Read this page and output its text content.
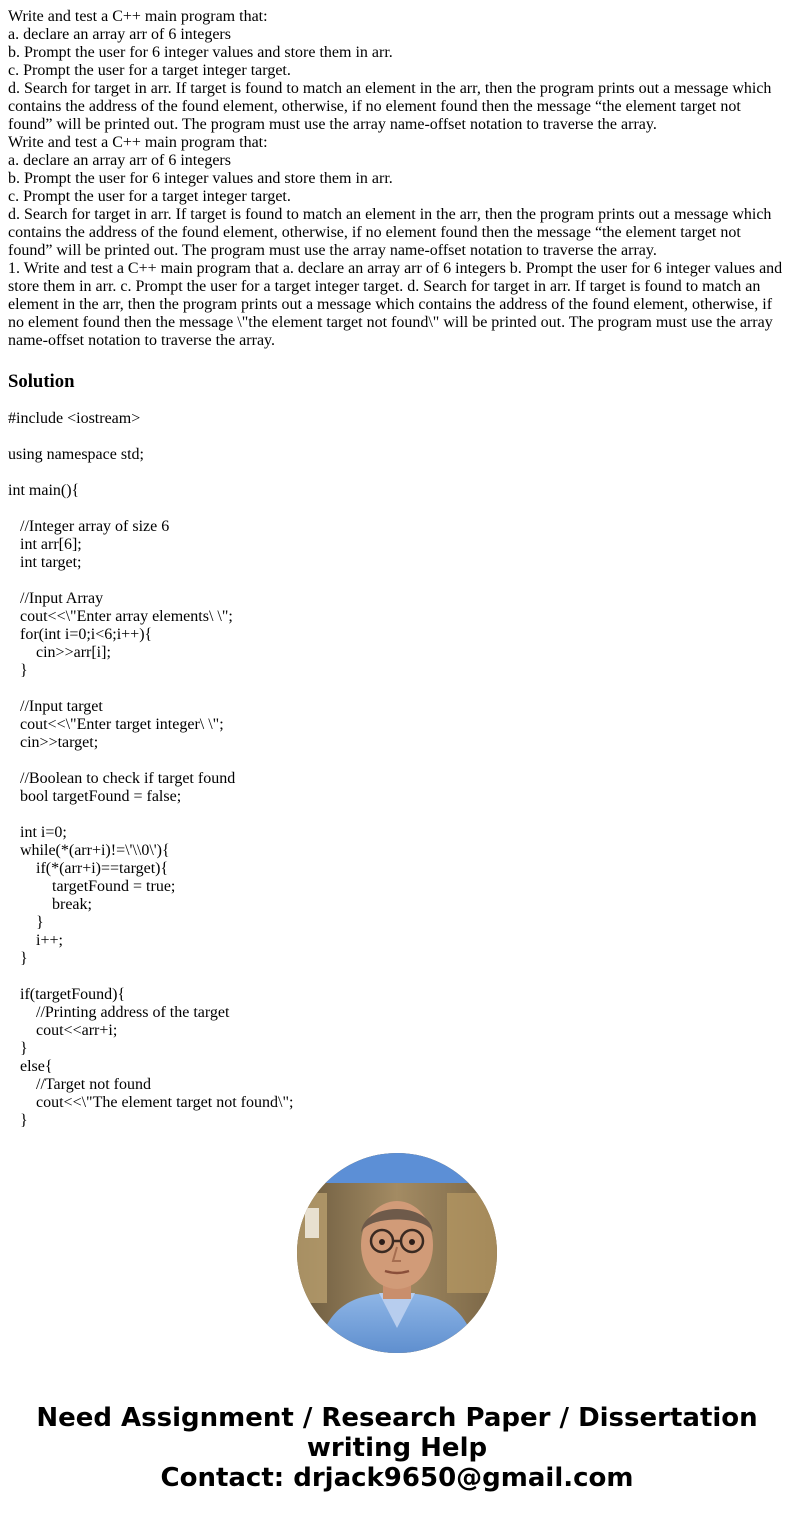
Write and test a C++ main program that:
a. declare an array arr of 6 integers
b. Prompt the user for 6 integer values and store them in arr.
c. Prompt the user for a target integer target.
d. Search for target in arr. If target is found to match an element in the arr, then the program prints out a message which contains the address of the found element, otherwise, if no element found then the message “the element target not found” will be printed out. The program must use the array name-offset notation to traverse the array.
Write and test a C++ main program that:
a. declare an array arr of 6 integers
b. Prompt the user for 6 integer values and store them in arr.
c. Prompt the user for a target integer target.
d. Search for target in arr. If target is found to match an element in the arr, then the program prints out a message which contains the address of the found element, otherwise, if no element found then the message “the element target not found” will be printed out. The program must use the array name-offset notation to traverse the array.
1. Write and test a C++ main program that a. declare an array arr of 6 integers b. Prompt the user for 6 integer values and store them in arr. c. Prompt the user for a target integer target. d. Search for target in arr. If target is found to match an element in the arr, then the program prints out a message which contains the address of the found element, otherwise, if no element found then the message \"the element target not found\" will be printed out. The program must use the array name-offset notation to traverse the array.
Solution
#include <iostream>
using namespace std;
int main(){
//Integer array of size 6
int arr[6];
int target;
//Input Array
cout<<\"Enter array elements\ \";
for(int i=0;i<6;i++){
cin>>arr[i];
}
//Input target
cout<<\"Enter target integer\ \";
cin>>target;
//Boolean to check if target found
bool targetFound = false;
int i=0;
while(*(arr+i)!=\'\\0\'){
if(*(arr+i)==target){
targetFound = true;
break;
}
i++;
}
if(targetFound){
//Printing address of the target
cout<<arr+i;
}
else{
//Target not found
cout<<\"The element target not found\";
}
Need Assignment / Research Paper / Dissertation
writing Help
Contact: drjack9650@gmail.com
